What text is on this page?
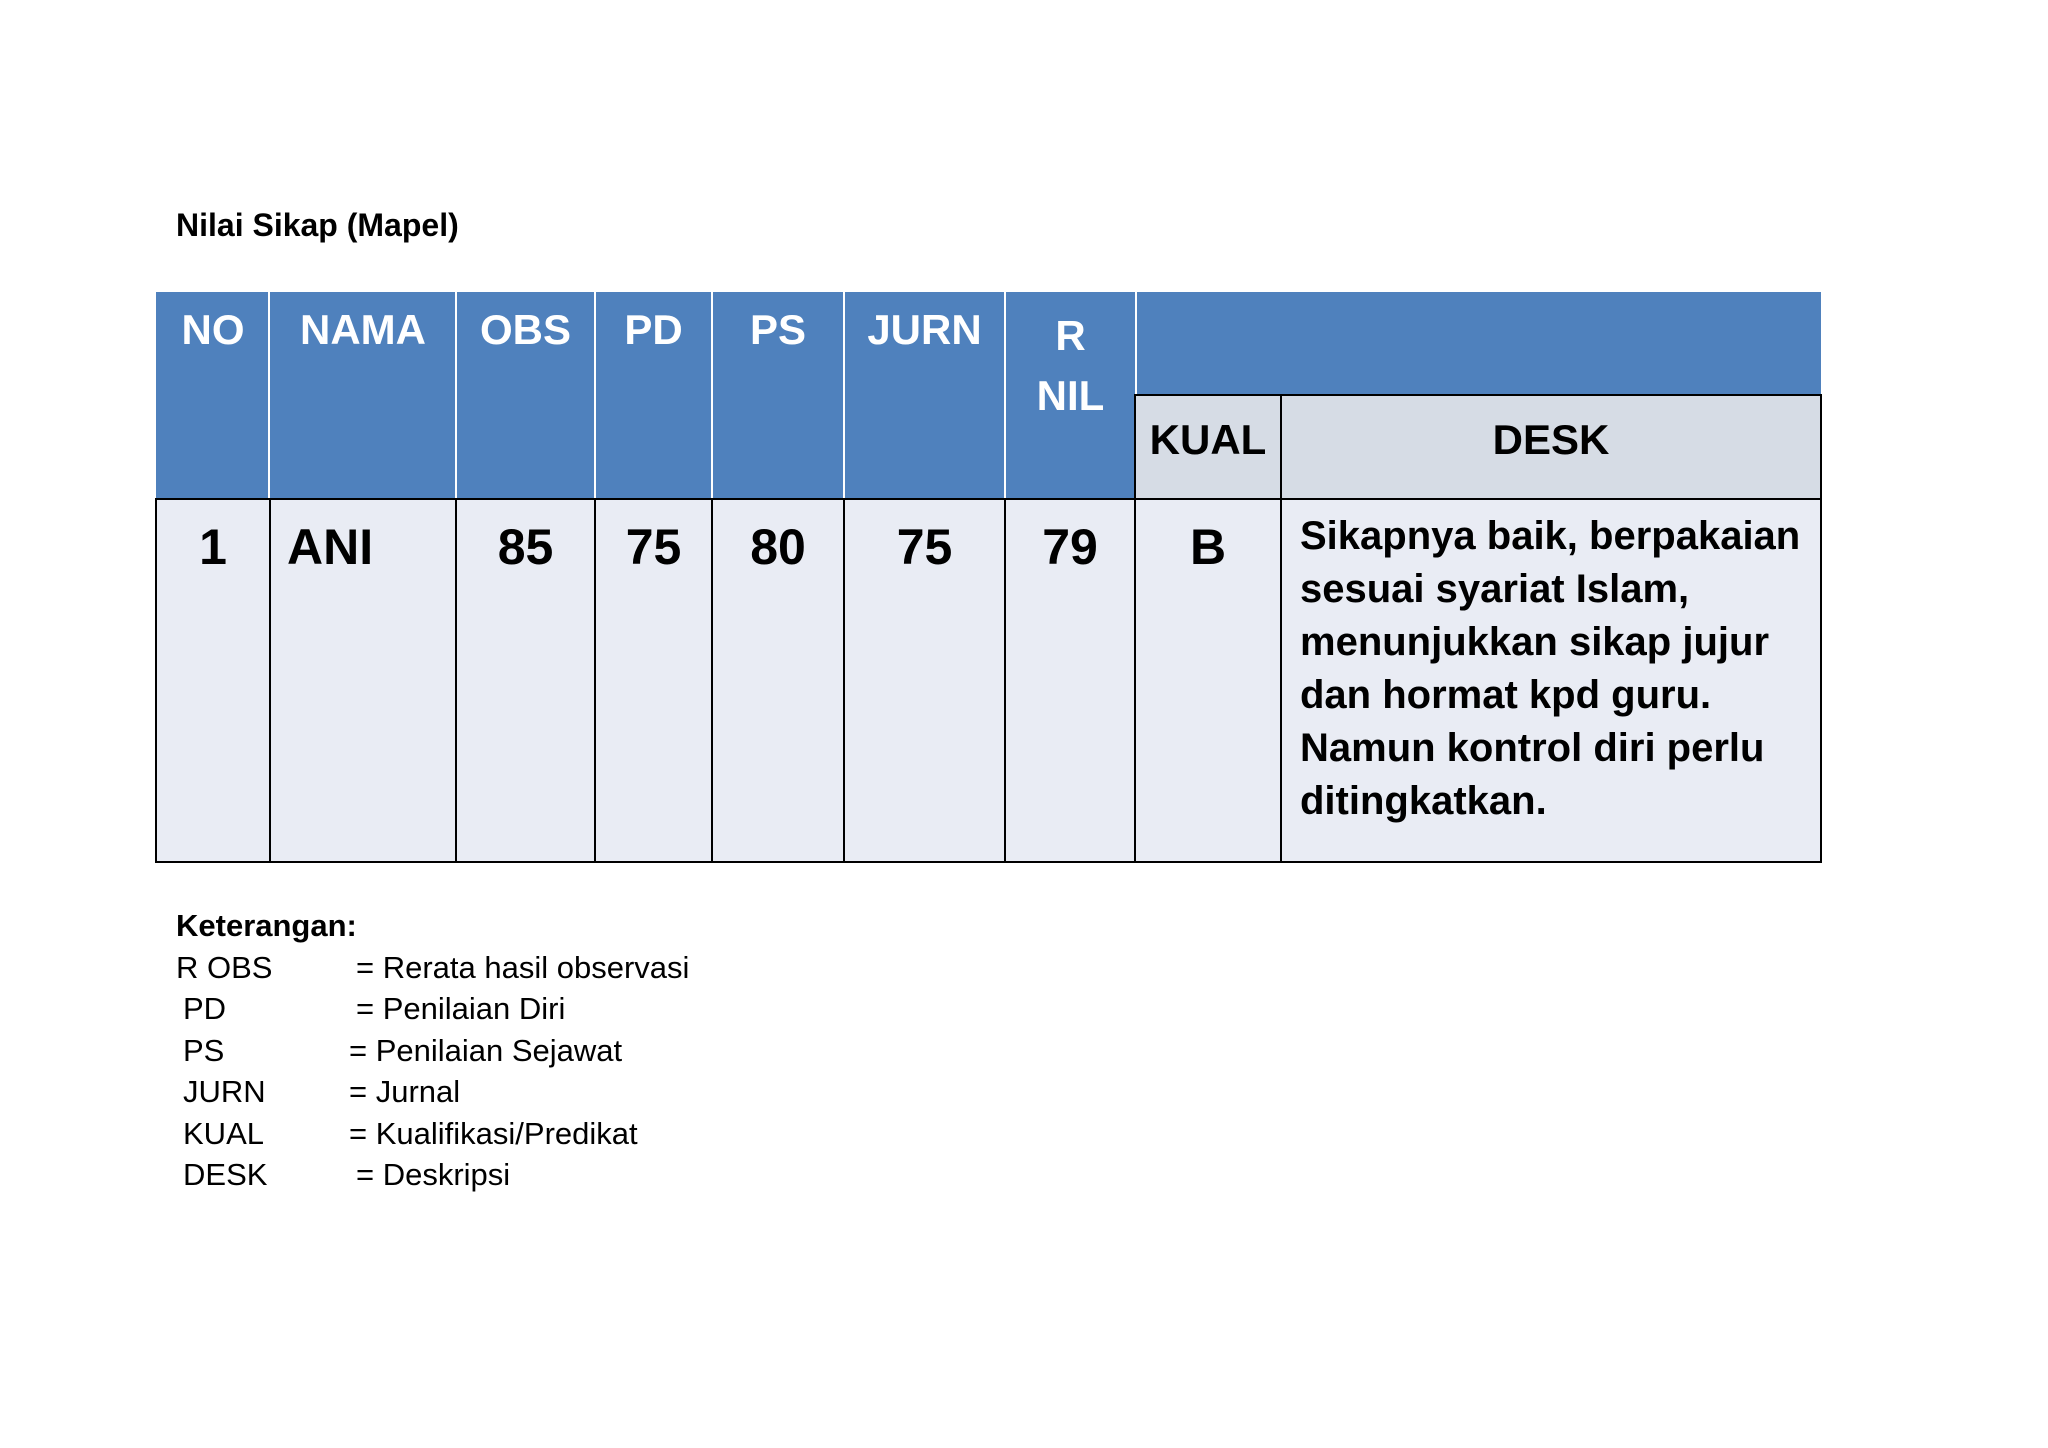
Nilai Sikap (Mapel)
NO	NAMA	OBS	PD	PS	JURN	R
NIL
KUAL	DESK
1	ANI	85	75	80	75	79	B	Sikapnya baik, berpakaian
sesuai syariat Islam,
menunjukkan sikap jujur
dan hormat kpd guru.
Namun kontrol diri perlu
ditingkatkan.
Keterangan:
R OBS	= Rerata hasil observasi
PD	= Penilaian Diri
PS	= Penilaian Sejawat
JURN	= Jurnal
KUAL	= Kualifikasi/Predikat
DESK	= Deskripsi
